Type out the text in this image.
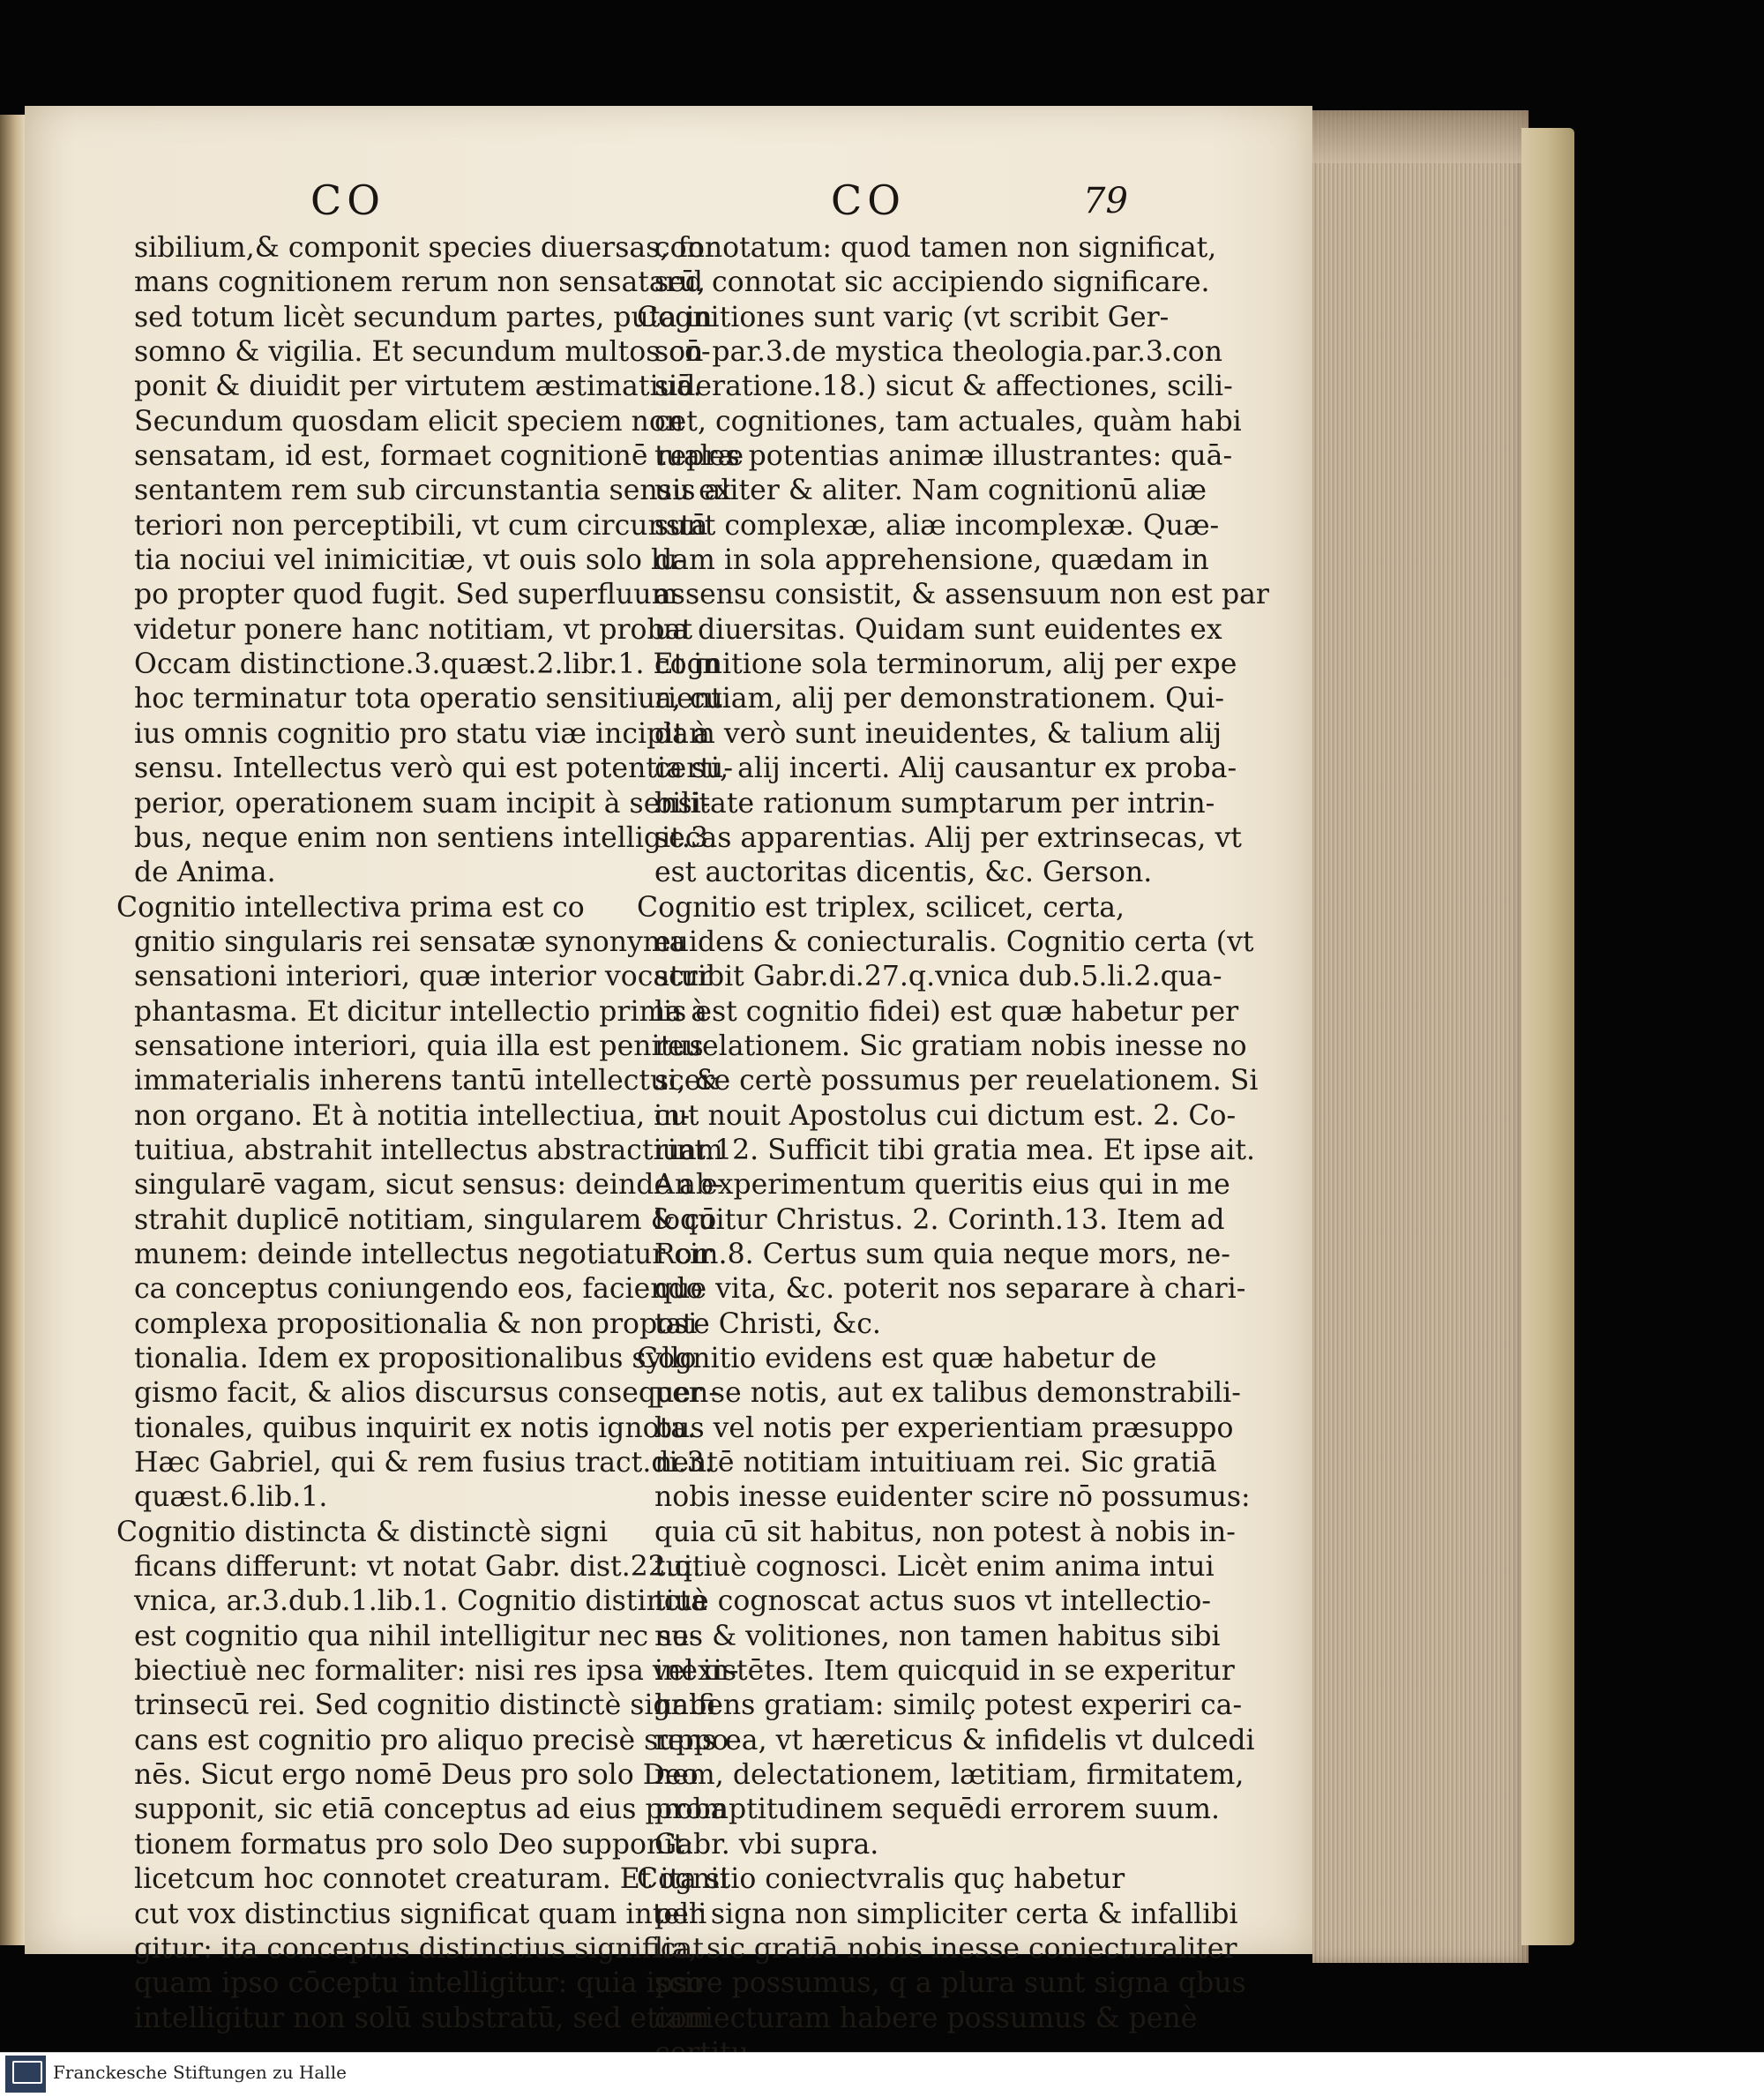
CO	CO	79
sibilium,& componit species diuersas, for
mans cognitionem rerum non sensatarū,
sed totum licèt secundum partes, puta in
somno & vigilia. Et secundum multos cō-
ponit & diuidit per virtutem æstimatiuā.
Secundum quosdam elicit speciem non
sensatam, id est, formaet cognitionē repræ
sentantem rem sub circunstantia sensu ex
teriori non perceptibili, vt cum circunstā
tia nociui vel inimicitiæ, vt ouis solo lu-
po propter quod fugit. Sed superfluum
videtur ponere hanc notitiam, vt probat
Occam distinctione.3.quæst.2.libr.1. Et in
hoc terminatur tota operatio sensitiua, cu
ius omnis cognitio pro statu viæ incipit à
sensu. Intellectus verò qui est potentia su-
perior, operationem suam incipit à sensi-
bus, neque enim non sentiens intelligit.3.
de Anima.
Cognitio intellectiva prima est co
gnitio singularis rei sensatæ synonyma
sensationi interiori, quæ interior vocatur
phantasma. Et dicitur intellectio prima à
sensatione interiori, quia illa est penitus
immaterialis inherens tantū intellectui, &
non organo. Et à notitia intellectiua, in-
tuitiua, abstrahit intellectus abstractiuam
singularē vagam, sicut sensus: deinde ab-
strahit duplicē notitiam, singularem & cō
munem: deinde intellectus negotiatur cir
ca conceptus coniungendo eos, faciendo
complexa propositionalia & non proposi
tionalia. Idem ex propositionalibus syllo
gismo facit, & alios discursus consequen-
tionales, quibus inquirit ex notis ignota.
Hæc Gabriel, qui & rem fusius tract.di.3.
quæst.6.lib.1.
Cognitio distincta & distinctè signi
ficans differunt: vt notat Gabr. dist.22.q.
vnica, ar.3.dub.1.lib.1. Cognitio distincta
est cognitio qua nihil intelligitur nec su-
biectiuè nec formaliter: nisi res ipsa vel in-
trinsecū rei. Sed cognitio distinctè signifi
cans est cognitio pro aliquo precisè suppo
nēs. Sicut ergo nomē Deus pro solo Deo
supponit, sic etiā conceptus ad eius proba
tionem formatus pro solo Deo supponit:
licetcum hoc connotet creaturam. Et ita si
cut vox distinctius significat quam intelli
gitur: ita conceptus distinctius significat
quam ipso cōceptu intelligitur: quia ipso
intelligitur non solū substratū, sed etiam
connotatum: quod tamen non significat,
sed connotat sic accipiendo significare.
Cognitiones sunt variç (vt scribit Ger-
son par.3.de mystica theologia.par.3.con
sideratione.18.) sicut & affectiones, scili-
cet, cognitiones, tam actuales, quàm habi
tuales potentias animæ illustrantes: quā-
uis aliter & aliter. Nam cognitionū aliæ
sunt complexæ, aliæ incomplexæ. Quæ-
dam in sola apprehensione, quædam in
assensu consistit, & assensuum non est par
ua diuersitas. Quidam sunt euidentes ex
cognitione sola terminorum, alij per expe
rientiam, alij per demonstrationem. Qui-
dam verò sunt ineuidentes, & talium alij
certi, alij incerti. Alij causantur ex proba-
bilitate rationum sumptarum per intrin-
secas apparentias. Alij per extrinsecas, vt
est auctoritas dicentis, &c. Gerson.
Cognitio est triplex, scilicet, certa,
euidens & coniecturalis. Cognitio certa (vt
scribit Gabr.di.27.q.vnica dub.5.li.2.qua-
lis est cognitio fidei) est quæ habetur per
reuelationem. Sic gratiam nobis inesse no
scere certè possumus per reuelationem. Si
cut nouit Apostolus cui dictum est. 2. Co-
rint.12. Sufficit tibi gratia mea. Et ipse ait.
An experimentum queritis eius qui in me
loquitur Christus. 2. Corinth.13. Item ad
Rom.8. Certus sum quia neque mors, ne-
que vita, &c. poterit nos separare à chari-
tate Christi, &c.
Cognitio evidens est quæ habetur de
per se notis, aut ex talibus demonstrabili-
bus vel notis per experientiam præsuppo
nentē notitiam intuitiuam rei. Sic gratiā
nobis inesse euidenter scire nō possumus:
quia cū sit habitus, non potest à nobis in-
tuitiuè cognosci. Licèt enim anima intui
tiuè cognoscat actus suos vt intellectio-
nes & volitiones, non tamen habitus sibi
inexistētes. Item quicquid in se experitur
habens gratiam: similç potest experiri ca-
rens ea, vt hæreticus & infidelis vt dulcedi
nem, delectationem, lætitiam, firmitatem,
promptitudinem sequēdi errorem suum.
Gabr. vbi supra.
Cognitio coniectvralis quç habetur
per signa non simpliciter certa & infallibi
lia, sic gratiā nobis inesse coniecturaliter
scire possumus, q a plura sunt signa qbus
coniecturam habere possumus & penè
Franckesche Stiftungen zu Halle
